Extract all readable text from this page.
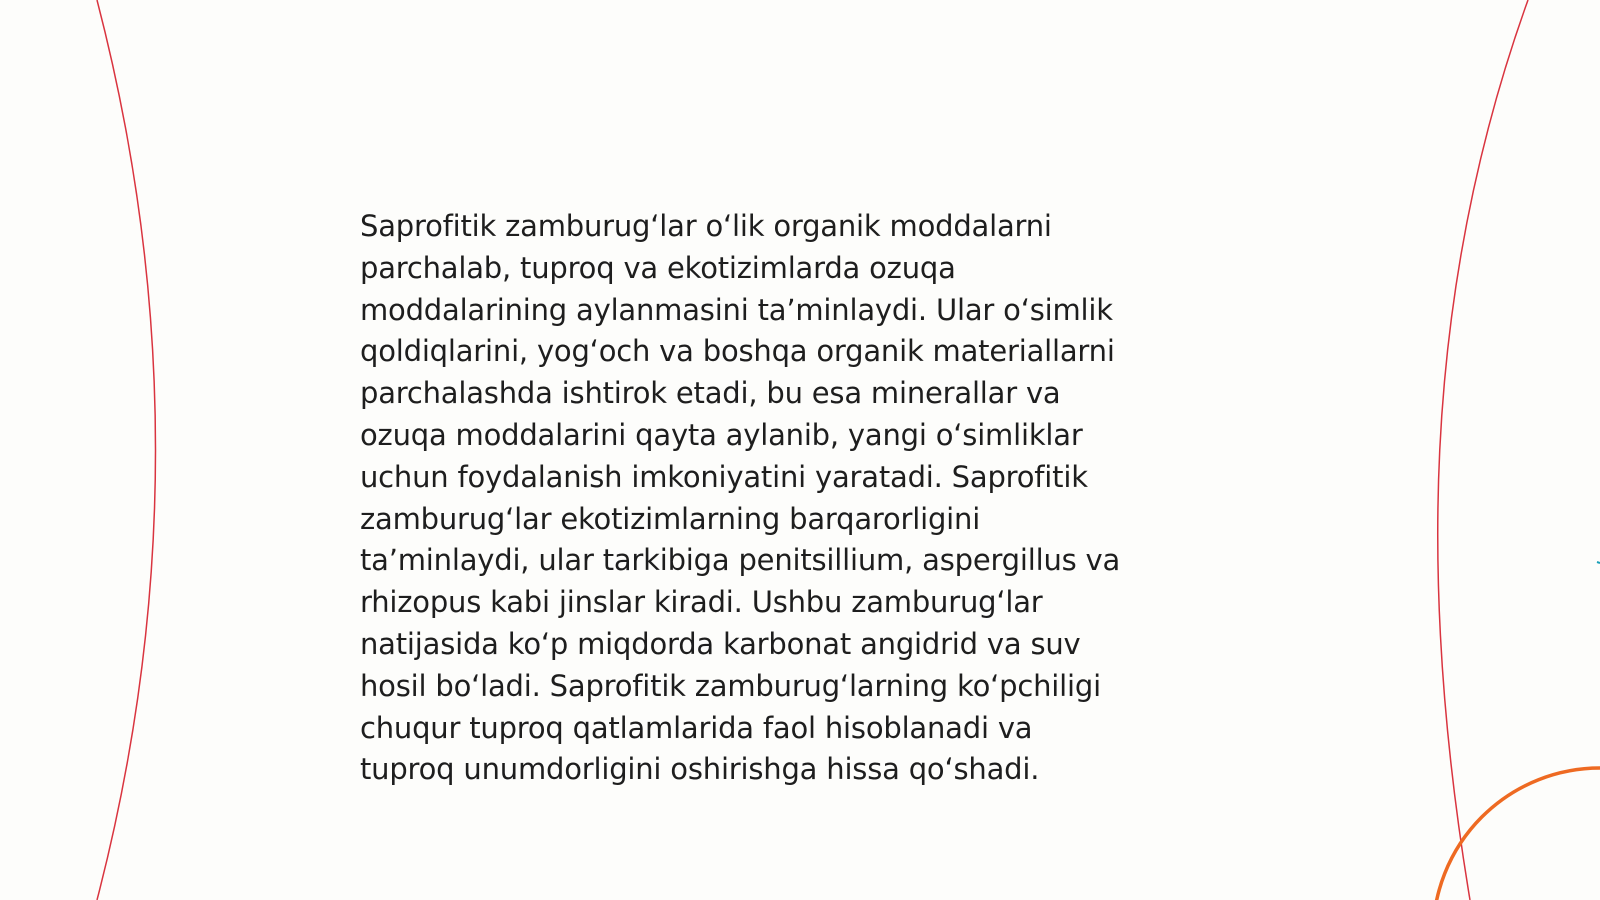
Saprofitik zamburugʻlar oʻlik organik moddalarni
parchalab, tuproq va ekotizimlarda ozuqa
moddalarining aylanmasini taʼminlaydi. Ular oʻsimlik
qoldiqlarini, yogʻoch va boshqa organik materiallarni
parchalashda ishtirok etadi, bu esa minerallar va
ozuqa moddalarini qayta aylanib, yangi oʻsimliklar
uchun foydalanish imkoniyatini yaratadi. Saprofitik
zamburugʻlar ekotizimlarning barqarorligini
taʼminlaydi, ular tarkibiga penitsillium, aspergillus va
rhizopus kabi jinslar kiradi. Ushbu zamburugʻlar
natijasida koʻp miqdorda karbonat angidrid va suv
hosil boʻladi. Saprofitik zamburugʻlarning koʻpchiligi
chuqur tuproq qatlamlarida faol hisoblanadi va
tuproq unumdorligini oshirishga hissa qoʻshadi.
